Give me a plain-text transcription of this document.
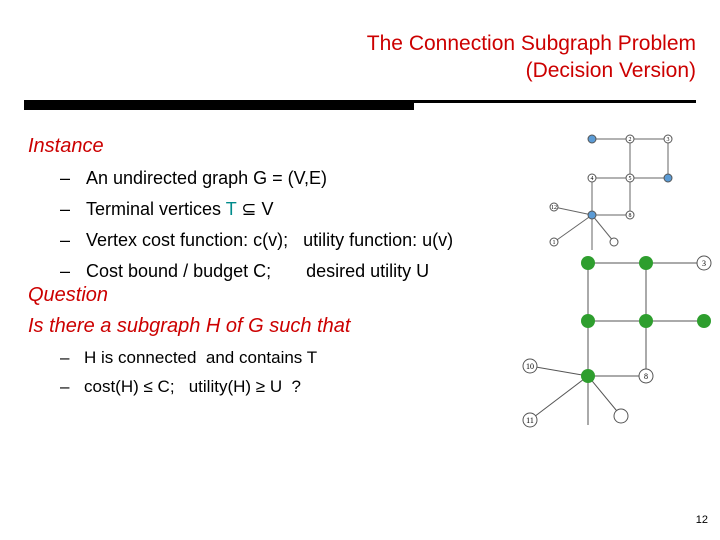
The Connection Subgraph Problem
(Decision Version)
Instance
– An undirected graph G = (V,E)
– Terminal vertices T ⊆ V
– Vertex cost function: c(v);   utility function: u(v)
– Cost bound / budget C;       desired utility U
Question
Is there a subgraph H of G such that
– H is connected  and contains T
– cost(H) ≤ C;   utility(H) ≥ U  ?
2	3
4	5
8
12
1
3
8
10
11
12
